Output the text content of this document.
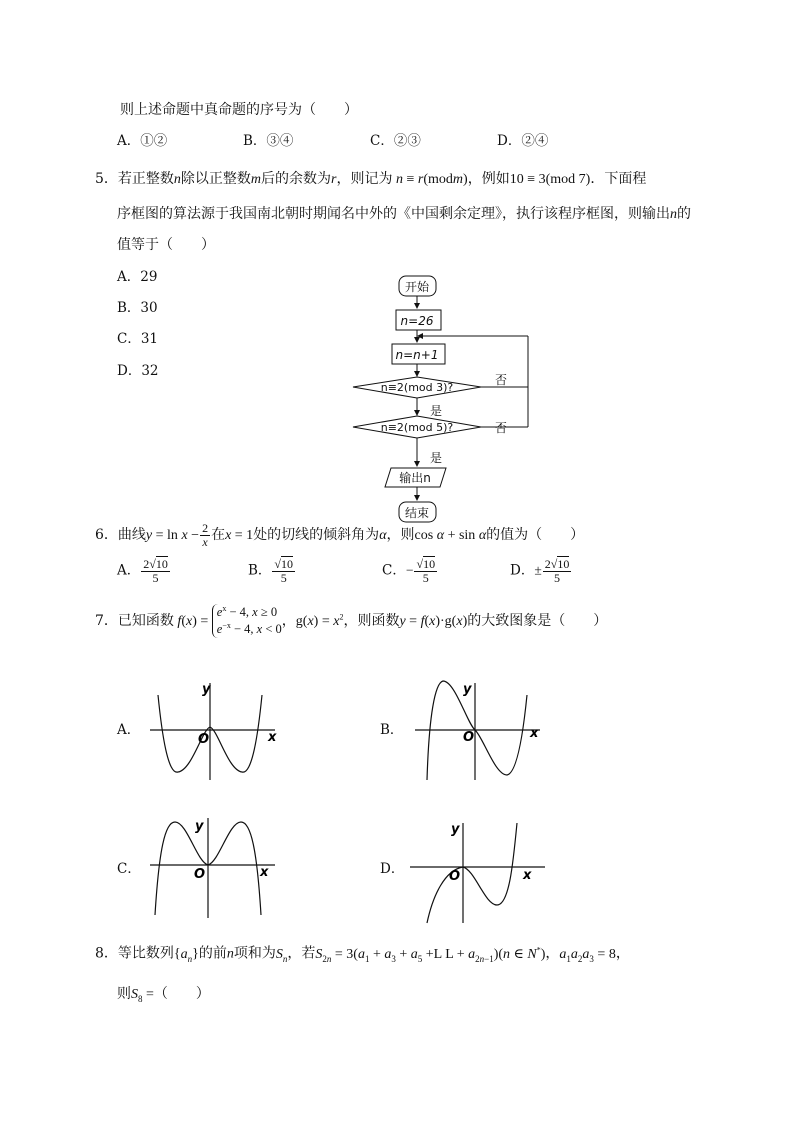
则上述命题中真命题的序号为（　　）
A．①②	B．③④	C．②③	D．②④
5．若正整数n除以正整数m后的余数为r，则记为 n ≡ r(modm)，例如10 ≡ 3(mod 7)．下面程
序框图的算法源于我国南北朝时期闻名中外的《中国剩余定理》，执行该程序框图，则输出n的
值等于（　　）
A．29
B．30
C．31
D．32
开始
n=26
n=n+1
n≡2(mod 3)?
n≡2(mod 5)?
否
否
是
是
输出n
结束
6．曲线$y = \ln x - \frac{2}{x}$ 在x = 1处的切线的倾斜角为α，则cos α + sin α的值为（　　）
A． $\frac{2√10}{5}$	B． $\frac{√10}{5}$	C．− $\frac{√10}{5}$	D．± $\frac{2√10}{5}$
7．已知函数 f(x) =
$e^x - 4$, x ≥ 0
$e^{-x} - 4$, x < 0
，$g(x) = x^2$，则函数y = f(x)·g(x)的大致图象是（　　）
A．	x
y
O
B．	x
y
O
C．	x
y
O	D．	x
y
O
8．等比数列$\{a_n\}$的前n项和为$S_n$，若$S_{2n} = 3(a_1 + a_3 + a_5 +L$ $L + a_{2n-1})(n$ ∈ N*)，$a_1a_2a_3 = 8$，
则$S_8$ =（　　）
